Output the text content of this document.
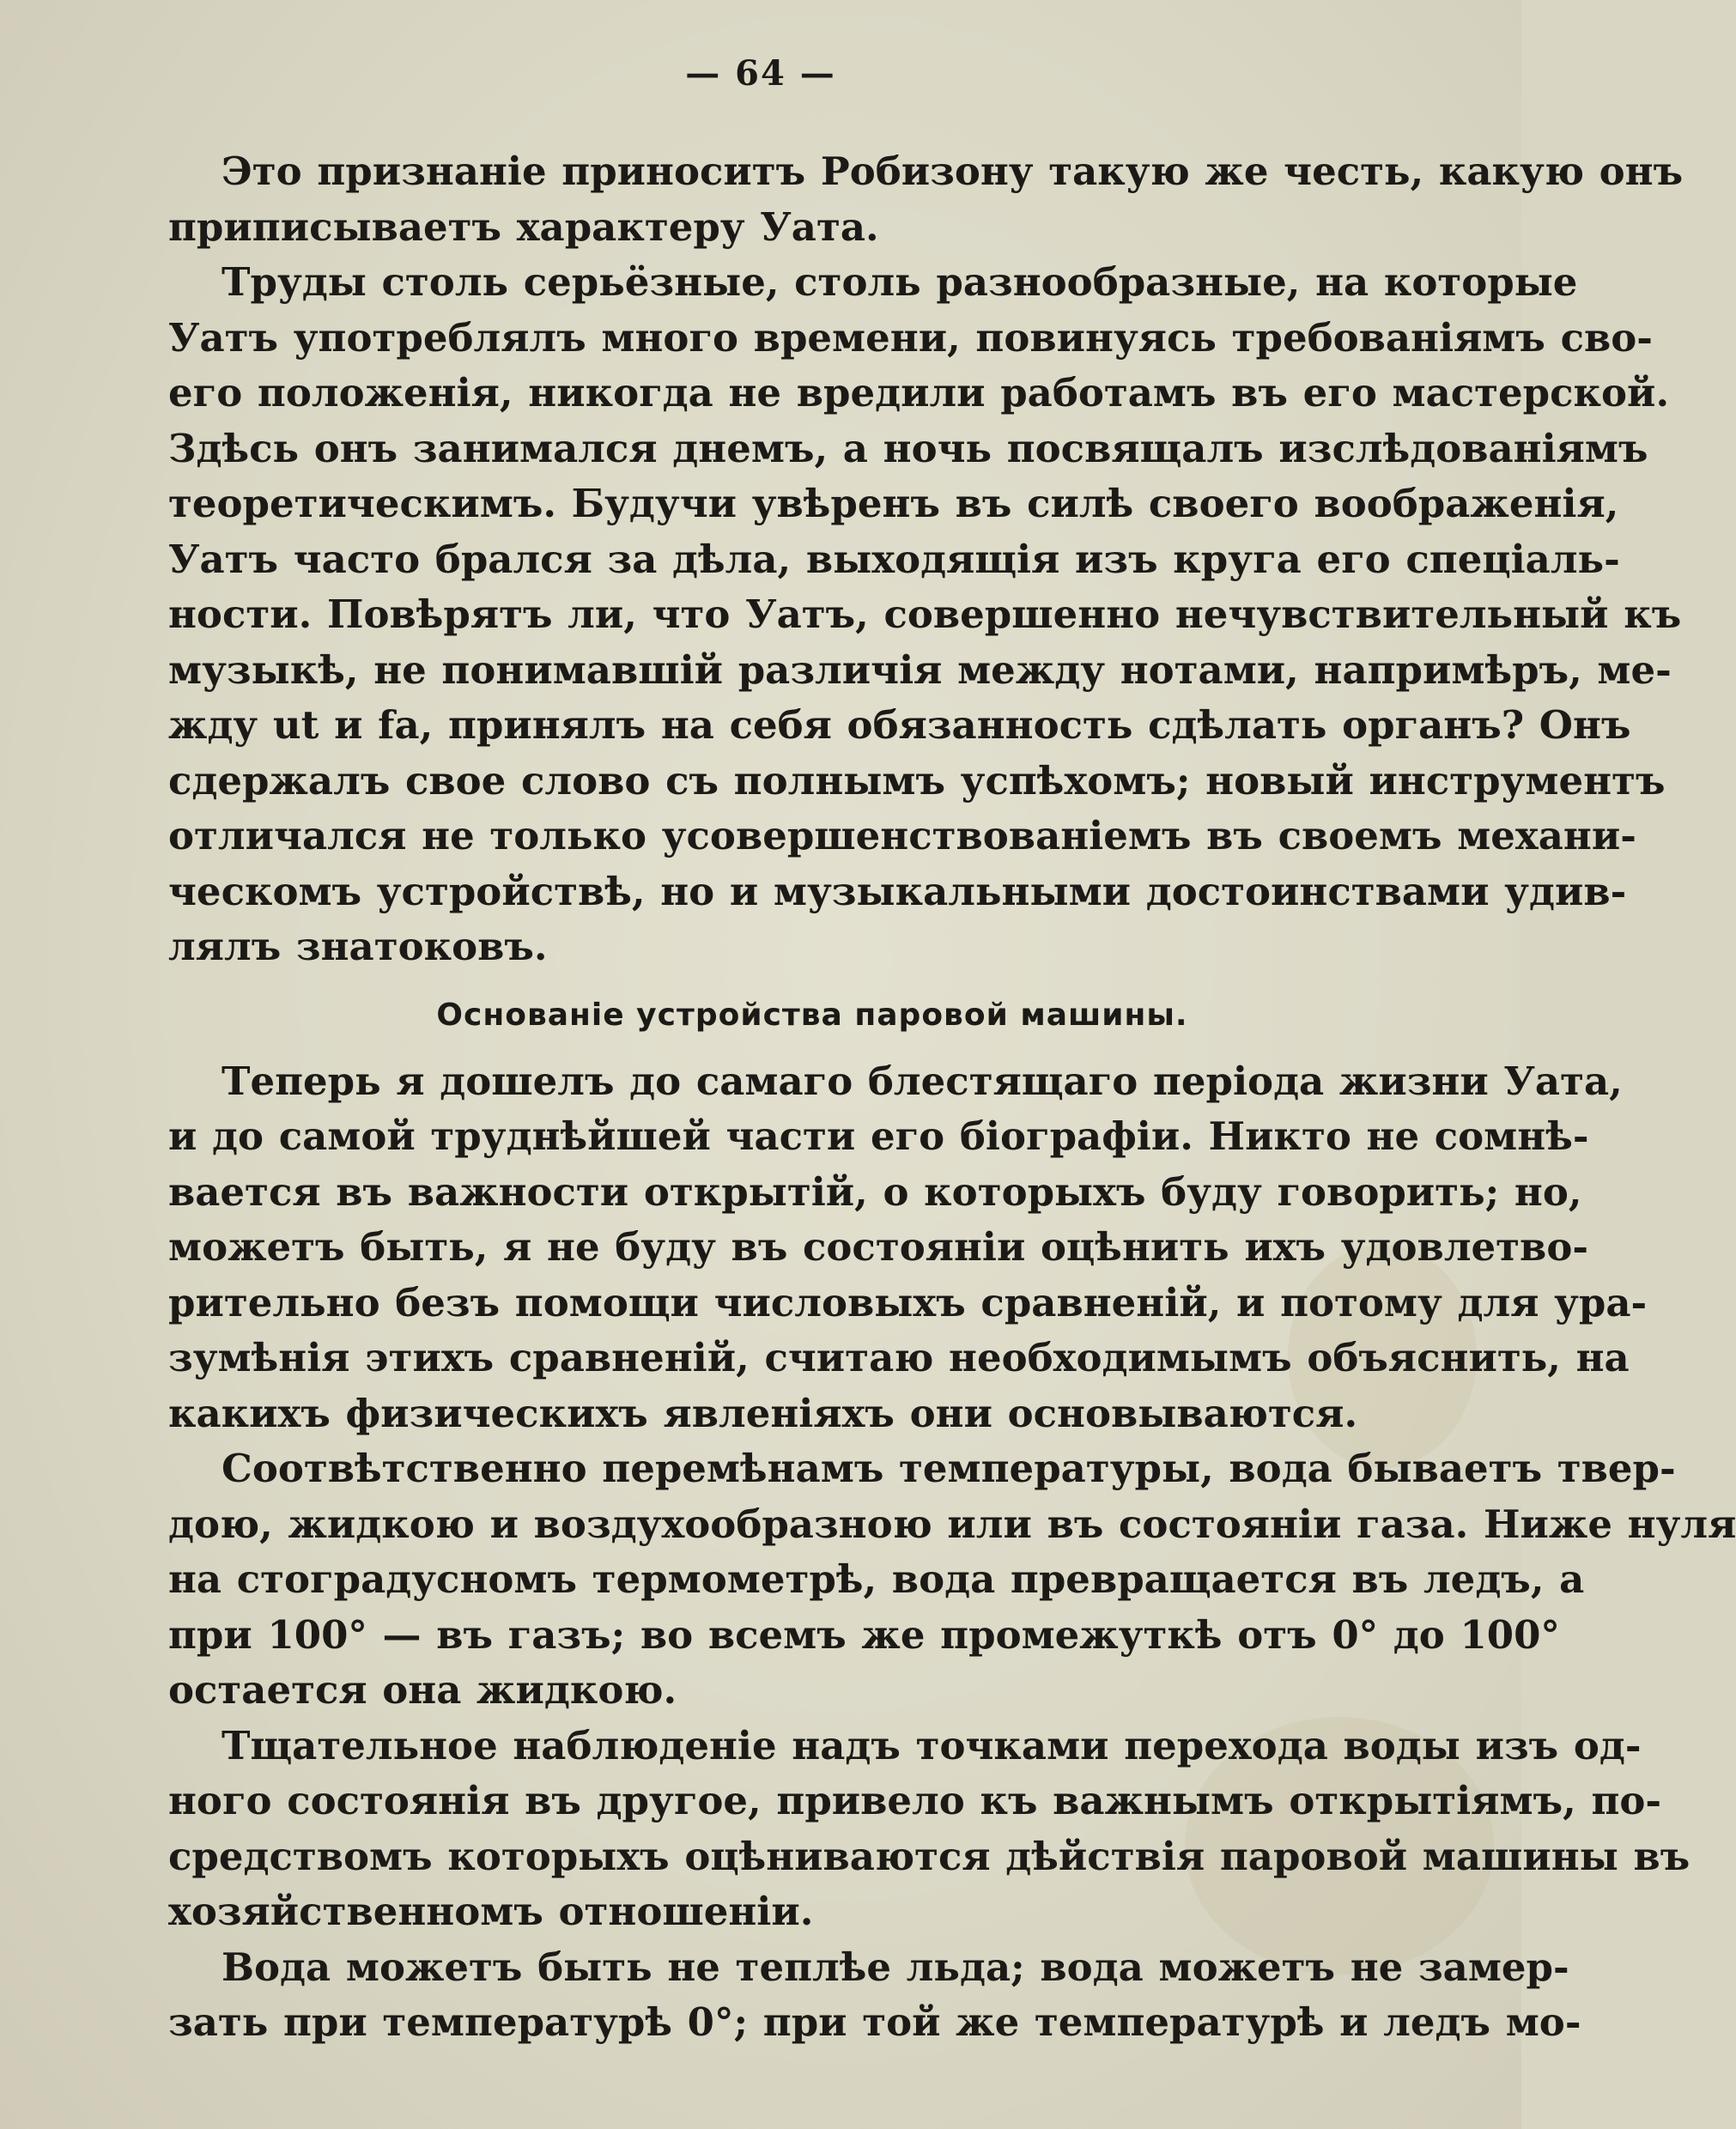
— 64 —
Это признаніе приноситъ Робизону такую же честь, какую онъ
приписываетъ характеру Уата.
Труды столь серьёзные, столь разнообразные, на которые
Уатъ употреблялъ много времени, повинуясь требованіямъ сво-
его положенія, никогда не вредили работамъ въ его мастерской.
Здѣсь онъ занимался днемъ, а ночь посвящалъ изслѣдованіямъ
теоретическимъ. Будучи увѣренъ въ силѣ своего воображенія,
Уатъ часто брался за дѣла, выходящія изъ круга его спеціаль-
ности. Повѣрятъ ли, что Уатъ, совершенно нечувствительный къ
музыкѣ, не понимавшій различія между нотами, напримѣръ, ме-
жду ut и fa, принялъ на себя обязанность сдѣлать органъ? Онъ
сдержалъ свое слово съ полнымъ успѣхомъ; новый инструментъ
отличался не только усовершенствованіемъ въ своемъ механи-
ческомъ устройствѣ, но и музыкальными достоинствами удив-
лялъ знатоковъ.
Основаніе устройства паровой машины.
Теперь я дошелъ до самаго блестящаго періода жизни Уата,
и до самой труднѣйшей части его біографіи. Никто не сомнѣ-
вается въ важности открытій, о которыхъ буду говорить; но,
можетъ быть, я не буду въ состояніи оцѣнить ихъ удовлетво-
рительно безъ помощи числовыхъ сравненій, и потому для ура-
зумѣнія этихъ сравненій, считаю необходимымъ объяснить, на
какихъ физическихъ явленіяхъ они основываются.
Соотвѣтственно перемѣнамъ температуры, вода бываетъ твер-
дою, жидкою и воздухообразною или въ состояніи газа. Ниже нуля
на стоградусномъ термометрѣ, вода превращается въ ледъ, а
при 100° — въ газъ; во всемъ же промежуткѣ отъ 0° до 100°
остается она жидкою.
Тщательное наблюденіе надъ точками перехода воды изъ од-
ного состоянія въ другое, привело къ важнымъ открытіямъ, по-
средствомъ которыхъ оцѣниваются дѣйствія паровой машины въ
хозяйственномъ отношеніи.
Вода можетъ быть не теплѣе льда; вода можетъ не замер-
зать при температурѣ 0°; при той же температурѣ и ледъ мо-
